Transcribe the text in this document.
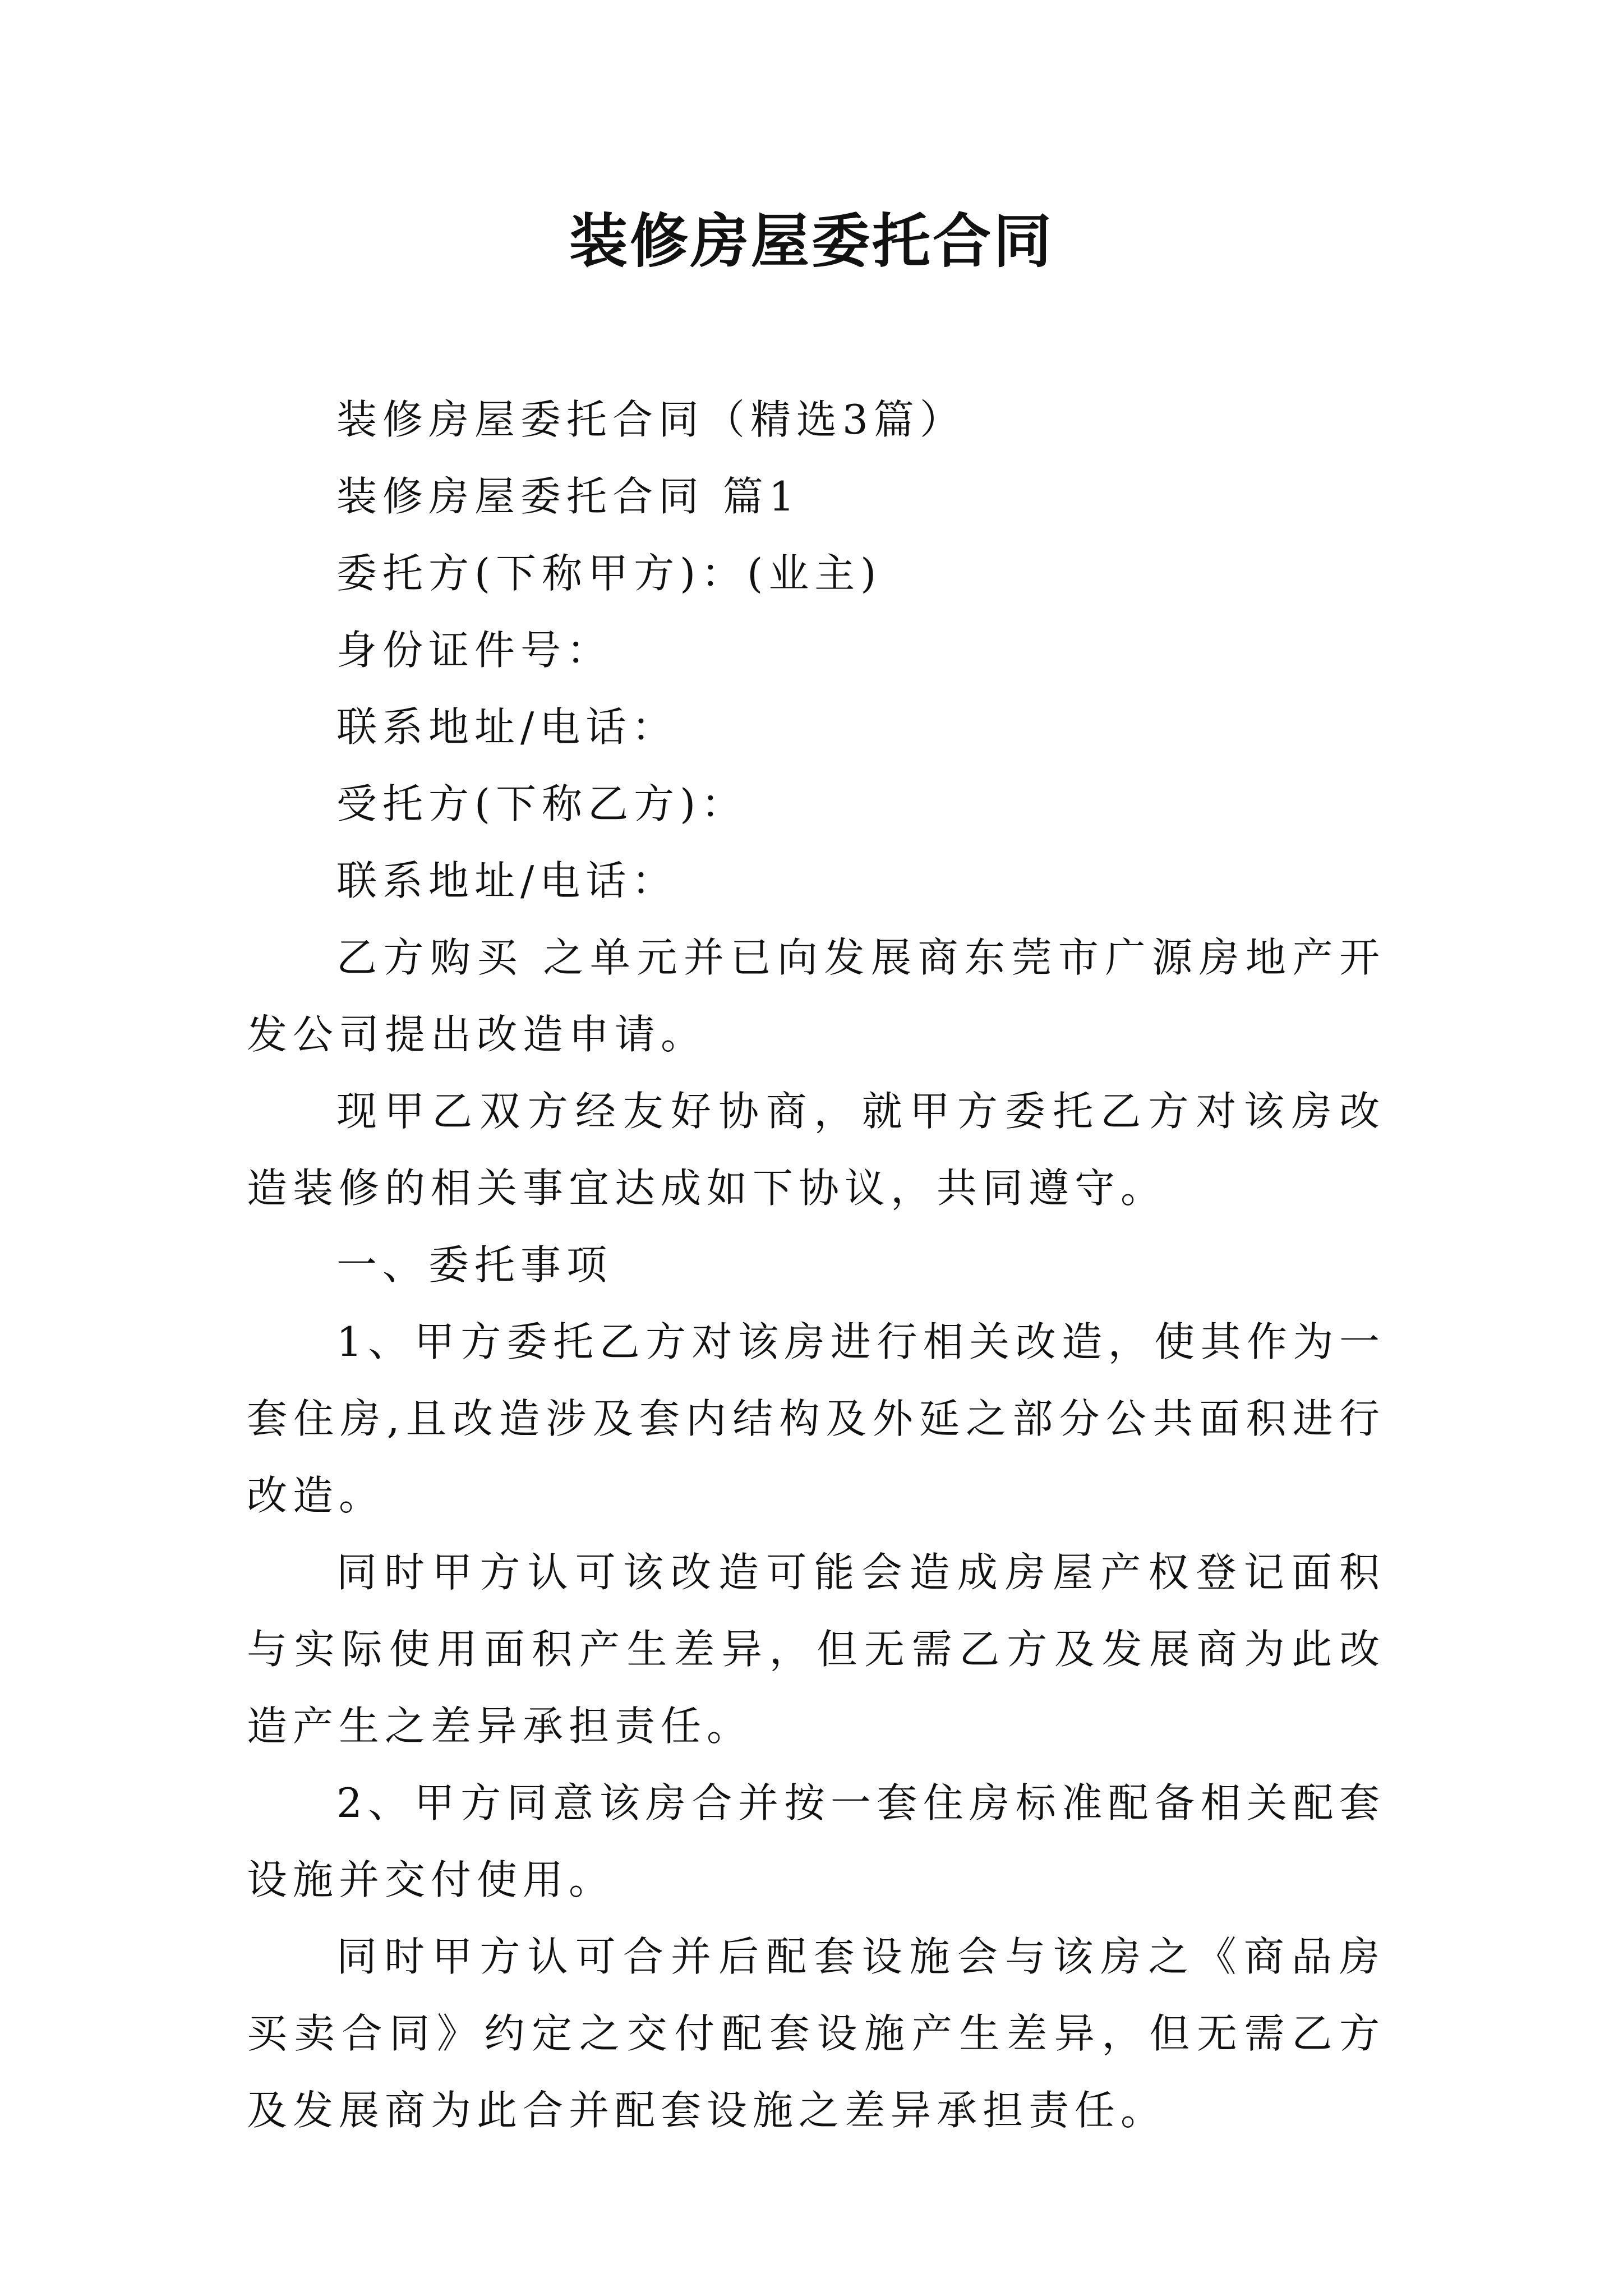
装修房屋委托合同

装修房屋委托合同（精选3篇）

装修房屋委托合同 篇1

委托方(下称甲方)：(业主)

身份证件号：

联系地址/电话：

受托方(下称乙方)：

联系地址/电话：

乙方购买 之单元并已向发展商东莞市广源房地产开发公司提出改造申请。

现甲乙双方经友好协商，就甲方委托乙方对该房改造装修的相关事宜达成如下协议，共同遵守。

一、委托事项

1、甲方委托乙方对该房进行相关改造，使其作为一套住房,且改造涉及套内结构及外延之部分公共面积进行改造。

同时甲方认可该改造可能会造成房屋产权登记面积与实际使用面积产生差异，但无需乙方及发展商为此改造产生之差异承担责任。

2、甲方同意该房合并按一套住房标准配备相关配套设施并交付使用。

同时甲方认可合并后配套设施会与该房之《商品房买卖合同》约定之交付配套设施产生差异，但无需乙方及发展商为此合并配套设施之差异承担责任。
